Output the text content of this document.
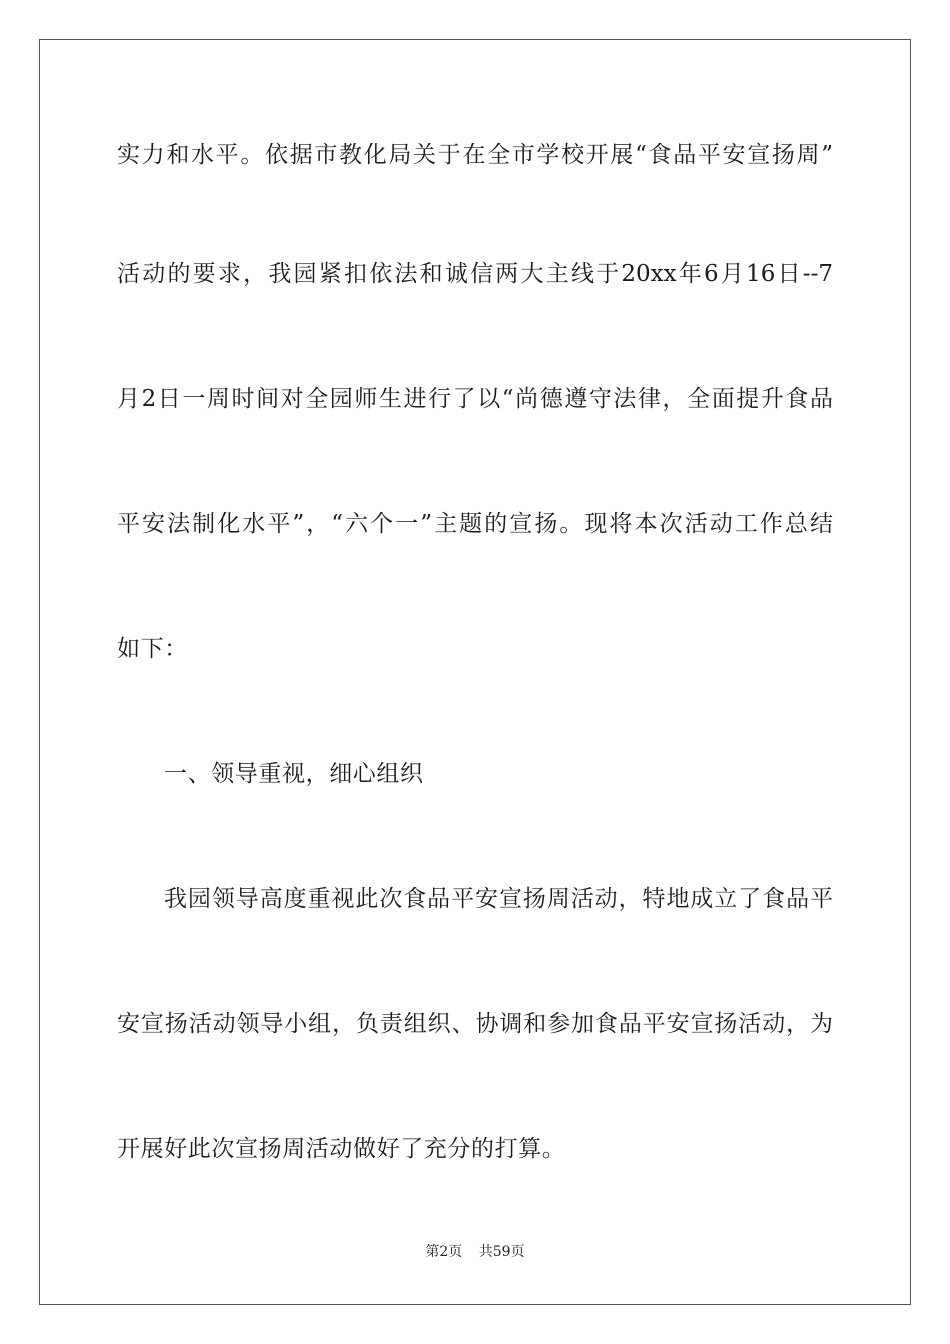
实力和水平。依据市教化局关于在全市学校开展“食品平安宣扬周”
活动的要求，我园紧扣依法和诚信两大主线于20xx年6月16日--7
月2日一周时间对全园师生进行了以“尚德遵守法律，全面提升食品
平安法制化水平”，“六个一”主题的宣扬。现将本次活动工作总结
如下：
一、领导重视，细心组织
我园领导高度重视此次食品平安宣扬周活动，特地成立了食品平
安宣扬活动领导小组，负责组织、协调和参加食品平安宣扬活动，为
开展好此次宣扬周活动做好了充分的打算。
第2页 共59页
